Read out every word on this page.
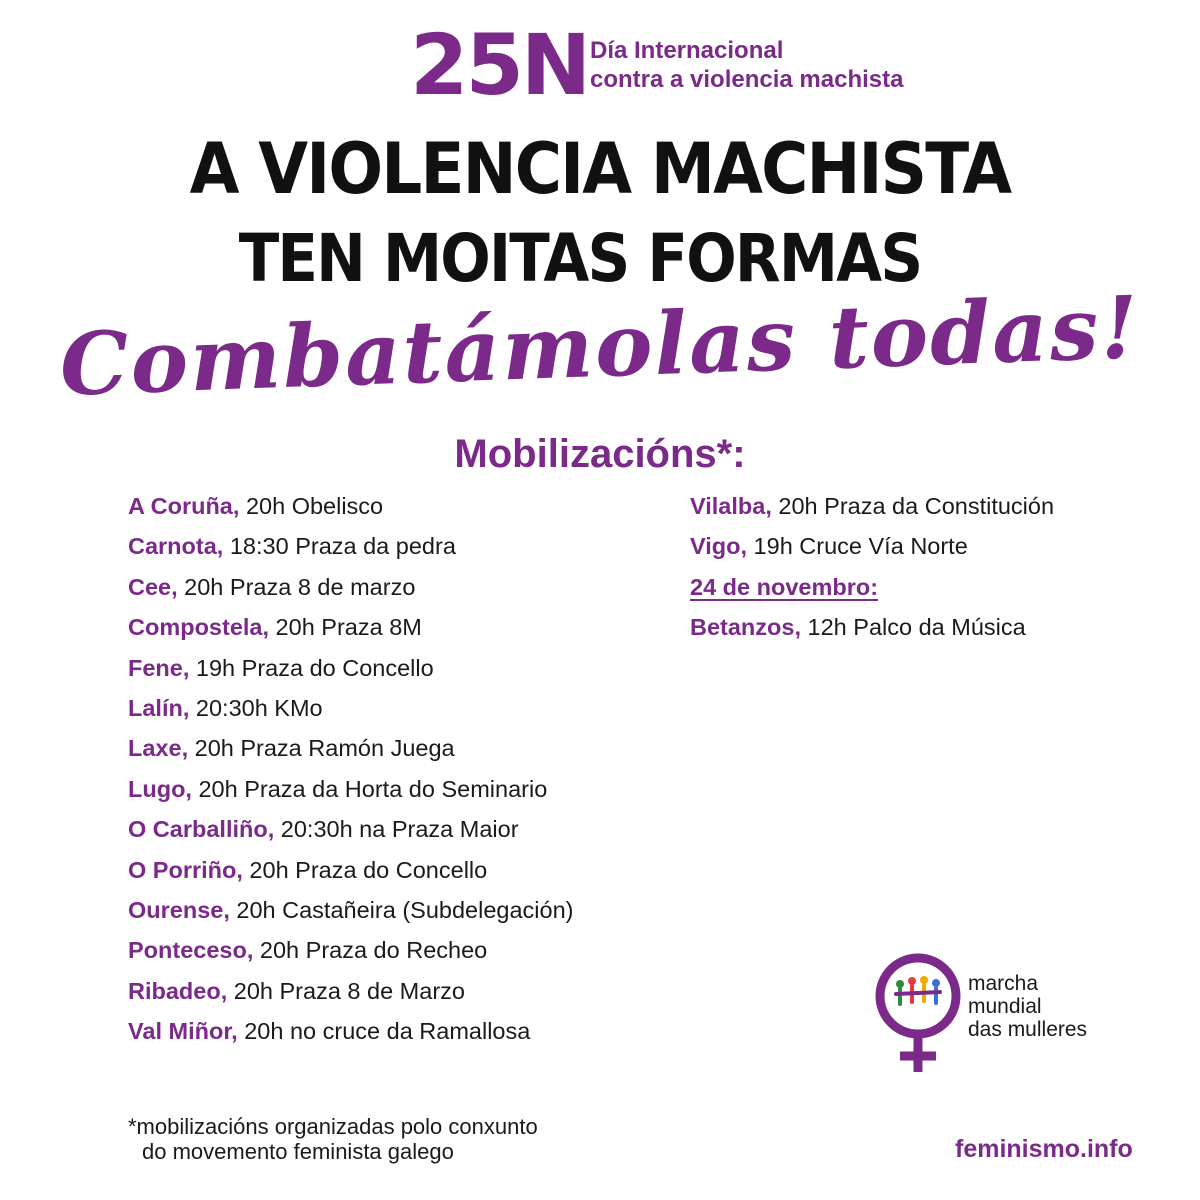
25N Día Internacional
contra a violencia machista
A VIOLENCIA MACHISTA
TEN MOITAS FORMAS
Combatámolas todas!
Mobilizacións*:
A Coruña, 20h Obelisco
Carnota, 18:30 Praza da pedra
Cee, 20h Praza 8 de marzo
Compostela, 20h Praza 8M
Fene, 19h Praza do Concello
Lalín, 20:30h KMo
Laxe, 20h Praza Ramón Juega
Lugo, 20h Praza da Horta do Seminario
O Carballiño, 20:30h na Praza Maior
O Porriño, 20h Praza do Concello
Ourense, 20h Castañeira (Subdelegación)
Ponteceso, 20h Praza do Recheo
Ribadeo, 20h Praza 8 de Marzo
Val Miñor, 20h no cruce da Ramallosa
Vilalba, 20h Praza da Constitución
Vigo, 19h Cruce Vía Norte
24 de novembro:
Betanzos, 12h Palco da Música
marcha
mundial
das mulleres
*mobilizacións organizadas polo conxunto
do movemento feminista galego	feminismo.info
